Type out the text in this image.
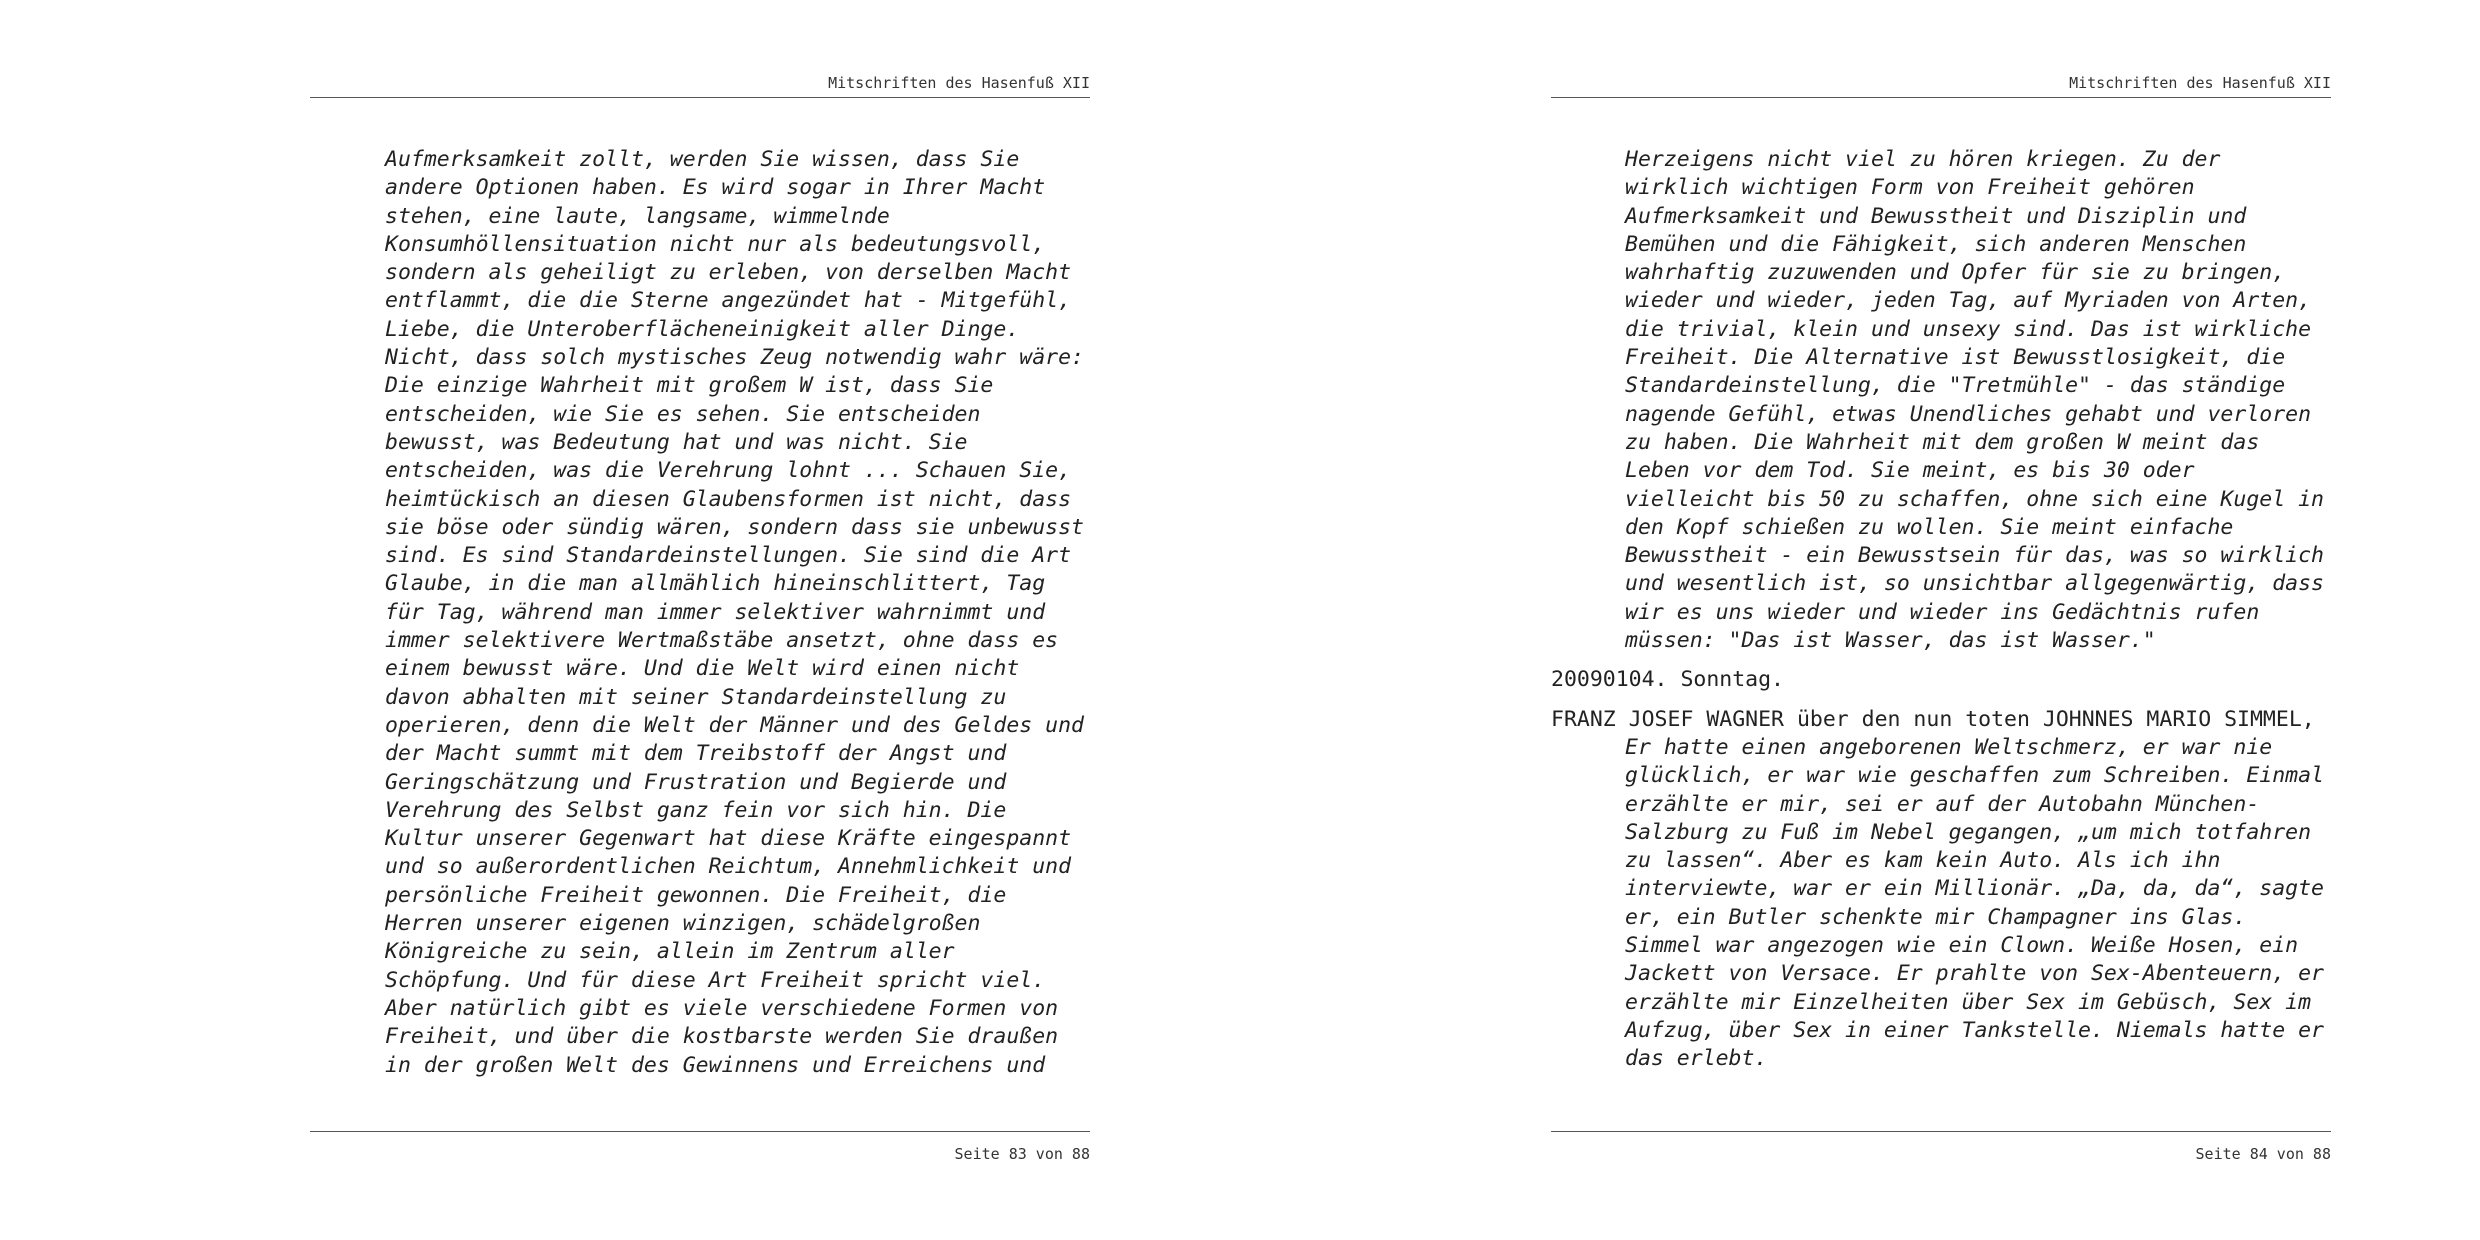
Mitschriften des Hasenfuß XII
Aufmerksamkeit zollt, werden Sie wissen, dass Sie
andere Optionen haben. Es wird sogar in Ihrer Macht
stehen, eine laute, langsame, wimmelnde
Konsumhöllensituation nicht nur als bedeutungsvoll,
sondern als geheiligt zu erleben, von derselben Macht
entflammt, die die Sterne angezündet hat - Mitgefühl,
Liebe, die Unteroberflächeneinigkeit aller Dinge.
Nicht, dass solch mystisches Zeug notwendig wahr wäre:
Die einzige Wahrheit mit großem W ist, dass Sie
entscheiden, wie Sie es sehen. Sie entscheiden
bewusst, was Bedeutung hat und was nicht. Sie
entscheiden, was die Verehrung lohnt ... Schauen Sie,
heimtückisch an diesen Glaubensformen ist nicht, dass
sie böse oder sündig wären, sondern dass sie unbewusst
sind. Es sind Standardeinstellungen. Sie sind die Art
Glaube, in die man allmählich hineinschlittert, Tag
für Tag, während man immer selektiver wahrnimmt und
immer selektivere Wertmaßstäbe ansetzt, ohne dass es
einem bewusst wäre. Und die Welt wird einen nicht
davon abhalten mit seiner Standardeinstellung zu
operieren, denn die Welt der Männer und des Geldes und
der Macht summt mit dem Treibstoff der Angst und
Geringschätzung und Frustration und Begierde und
Verehrung des Selbst ganz fein vor sich hin. Die
Kultur unserer Gegenwart hat diese Kräfte eingespannt
und so außerordentlichen Reichtum, Annehmlichkeit und
persönliche Freiheit gewonnen. Die Freiheit, die
Herren unserer eigenen winzigen, schädelgroßen
Königreiche zu sein, allein im Zentrum aller
Schöpfung. Und für diese Art Freiheit spricht viel.
Aber natürlich gibt es viele verschiedene Formen von
Freiheit, und über die kostbarste werden Sie draußen
in der großen Welt des Gewinnens und Erreichens und
Seite 83 von 88
Mitschriften des Hasenfuß XII
Herzeigens nicht viel zu hören kriegen. Zu der
wirklich wichtigen Form von Freiheit gehören
Aufmerksamkeit und Bewusstheit und Disziplin und
Bemühen und die Fähigkeit, sich anderen Menschen
wahrhaftig zuzuwenden und Opfer für sie zu bringen,
wieder und wieder, jeden Tag, auf Myriaden von Arten,
die trivial, klein und unsexy sind. Das ist wirkliche
Freiheit. Die Alternative ist Bewusstlosigkeit, die
Standardeinstellung, die "Tretmühle" - das ständige
nagende Gefühl, etwas Unendliches gehabt und verloren
zu haben. Die Wahrheit mit dem großen W meint das
Leben vor dem Tod. Sie meint, es bis 30 oder
vielleicht bis 50 zu schaffen, ohne sich eine Kugel in
den Kopf schießen zu wollen. Sie meint einfache
Bewusstheit - ein Bewusstsein für das, was so wirklich
und wesentlich ist, so unsichtbar allgegenwärtig, dass
wir es uns wieder und wieder ins Gedächtnis rufen
müssen: "Das ist Wasser, das ist Wasser."
20090104. Sonntag.
FRANZ JOSEF WAGNER über den nun toten JOHNNES MARIO SIMMEL,
Er hatte einen angeborenen Weltschmerz, er war nie
glücklich, er war wie geschaffen zum Schreiben. Einmal
erzählte er mir, sei er auf der Autobahn München-
Salzburg zu Fuß im Nebel gegangen, „um mich totfahren
zu lassen“. Aber es kam kein Auto. Als ich ihn
interviewte, war er ein Millionär. „Da, da, da“, sagte
er, ein Butler schenkte mir Champagner ins Glas.
Simmel war angezogen wie ein Clown. Weiße Hosen, ein
Jackett von Versace. Er prahlte von Sex-Abenteuern, er
erzählte mir Einzelheiten über Sex im Gebüsch, Sex im
Aufzug, über Sex in einer Tankstelle. Niemals hatte er
das erlebt.
Seite 84 von 88
